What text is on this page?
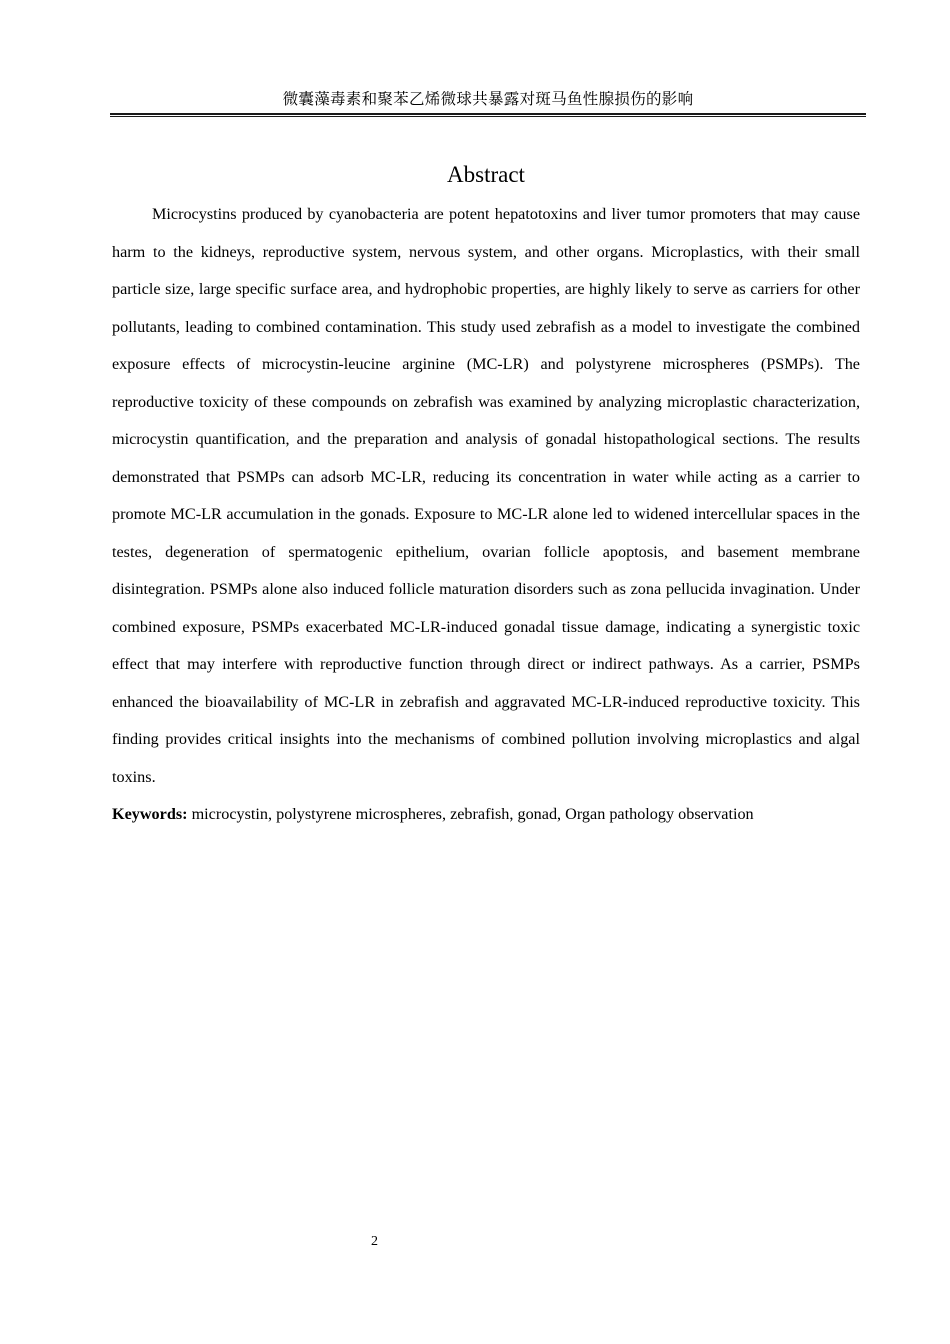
微囊藻毒素和聚苯乙烯微球共暴露对斑马鱼性腺损伤的影响
Abstract

Microcystins produced by cyanobacteria are potent hepatotoxins and liver tumor promoters that may cause harm to the kidneys, reproductive system, nervous system, and other organs. Microplastics, with their small particle size, large specific surface area, and hydrophobic properties, are highly likely to serve as carriers for other pollutants, leading to combined contamination. This study used zebrafish as a model to investigate the combined exposure effects of microcystin-leucine arginine (MC-LR) and polystyrene microspheres (PSMPs). The reproductive toxicity of these compounds on zebrafish was examined by analyzing microplastic characterization, microcystin quantification, and the preparation and analysis of gonadal histopathological sections. The results demonstrated that PSMPs can adsorb MC-LR, reducing its concentration in water while acting as a carrier to promote MC-LR accumulation in the gonads. Exposure to MC-LR alone led to widened intercellular spaces in the testes, degeneration of spermatogenic epithelium, ovarian follicle apoptosis, and basement membrane disintegration. PSMPs alone also induced follicle maturation disorders such as zona pellucida invagination. Under combined exposure, PSMPs exacerbated MC-LR-induced gonadal tissue damage, indicating a synergistic toxic effect that may interfere with reproductive function through direct or indirect pathways. As a carrier, PSMPs enhanced the bioavailability of MC-LR in zebrafish and aggravated MC-LR-induced reproductive toxicity. This finding provides critical insights into the mechanisms of combined pollution involving microplastics and algal toxins.

Keywords: microcystin, polystyrene microspheres, zebrafish, gonad, Organ pathology observation

2
